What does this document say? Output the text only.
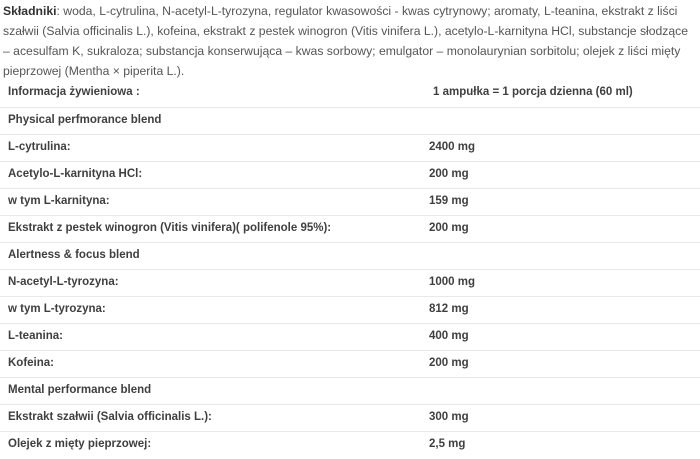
Składniki: woda, L-cytrulina, N-acetyl-L-tyrozyna, regulator kwasowości - kwas cytrynowy; aromaty, L-teanina, ekstrakt z liści szałwii (Salvia officinalis L.), kofeina, ekstrakt z pestek winogron (Vitis vinifera L.), acetylo-L-karnityna HCl, substancje słodzące – acesulfam K, sukraloza; substancja konserwująca – kwas sorbowy; emulgator – monolaurynian sorbitolu; olejek z liści mięty pieprzowej (Mentha × piperita L.).
Informacja żywieniowa :	1 ampułka = 1 porcja dzienna (60 ml)
Physical perfmorance blend
L-cytrulina:	2400 mg
Acetylo-L-karnityna HCl:	200 mg
w tym L-karnityna:	159 mg
Ekstrakt z pestek winogron (Vitis vinifera)( polifenole 95%):	200 mg
Alertness & focus blend
N-acetyl-L-tyrozyna:	1000 mg
w tym L-tyrozyna:	812 mg
L-teanina:	400 mg
Kofeina:	200 mg
Mental performance blend
Ekstrakt szałwii (Salvia officinalis L.):	300 mg
Olejek z mięty pieprzowej:	2,5 mg
